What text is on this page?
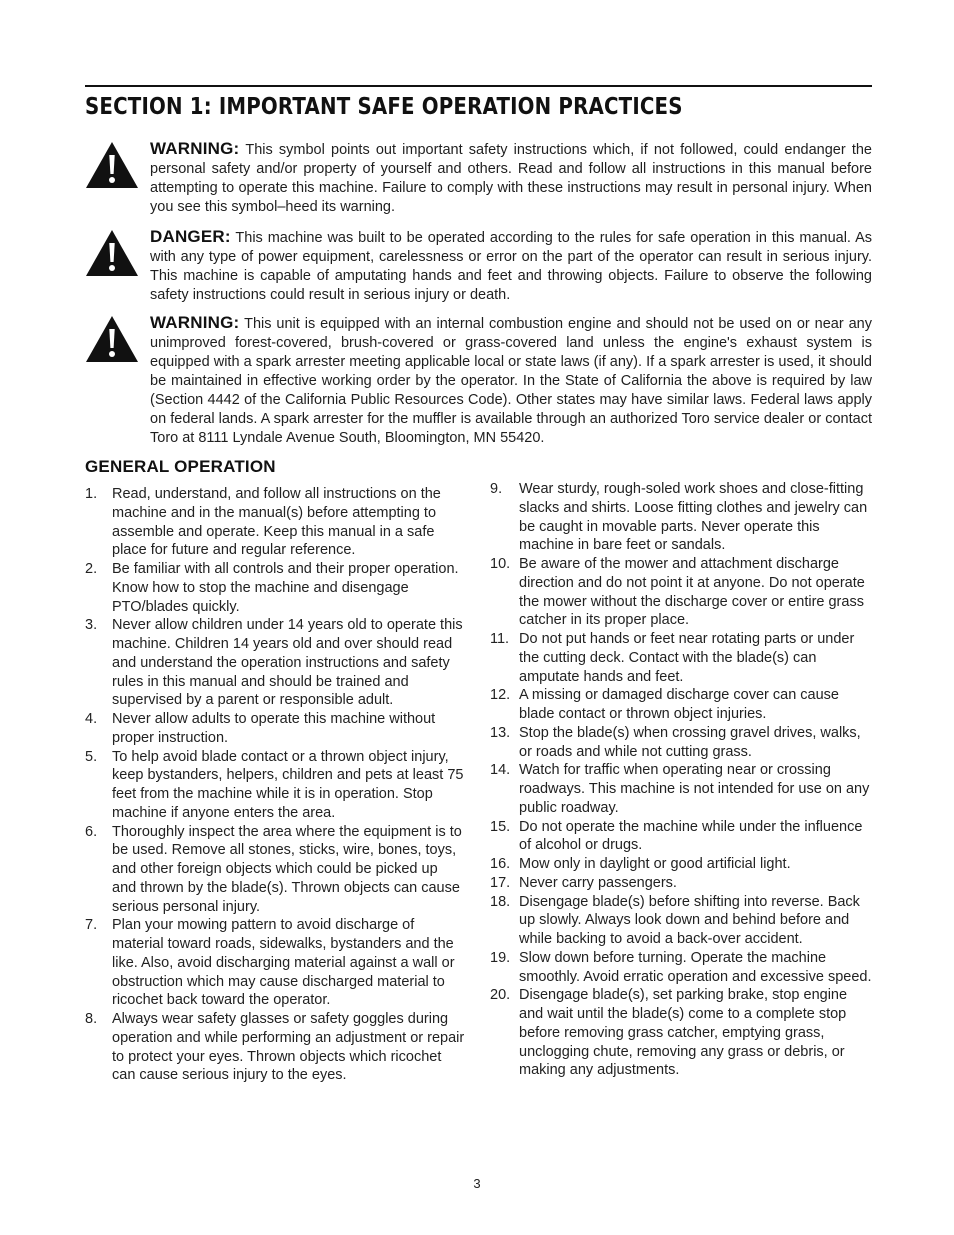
SECTION 1: IMPORTANT SAFE OPERATION PRACTICES
WARNING: This symbol points out important safety instructions which, if not followed, could endanger the personal safety and/or property of yourself and others. Read and follow all instructions in this manual before attempting to operate this machine. Failure to comply with these instructions may result in personal injury. When you see this symbol–heed its warning.
DANGER: This machine was built to be operated according to the rules for safe operation in this manual. As with any type of power equipment, carelessness or error on the part of the operator can result in serious injury. This machine is capable of amputating hands and feet and throwing objects. Failure to observe the following safety instructions could result in serious injury or death.
WARNING: This unit is equipped with an internal combustion engine and should not be used on or near any unimproved forest-covered, brush-covered or grass-covered land unless the engine's exhaust system is equipped with a spark arrester meeting applicable local or state laws (if any). If a spark arrester is used, it should be maintained in effective working order by the operator. In the State of California the above is required by law (Section 4442 of the California Public Resources Code). Other states may have similar laws. Federal laws apply on federal lands. A spark arrester for the muffler is available through an authorized Toro service dealer or contact Toro at 8111 Lyndale Avenue South, Bloomington, MN 55420.
GENERAL OPERATION
1. Read, understand, and follow all instructions on the machine and in the manual(s) before attempting to assemble and operate. Keep this manual in a safe place for future and regular reference.
2. Be familiar with all controls and their proper operation. Know how to stop the machine and disengage PTO/blades quickly.
3. Never allow children under 14 years old to operate this machine. Children 14 years old and over should read and understand the operation instructions and safety rules in this manual and should be trained and supervised by a parent or responsible adult.
4. Never allow adults to operate this machine without proper instruction.
5. To help avoid blade contact or a thrown object injury, keep bystanders, helpers, children and pets at least 75 feet from the machine while it is in operation. Stop machine if anyone enters the area.
6. Thoroughly inspect the area where the equipment is to be used. Remove all stones, sticks, wire, bones, toys, and other foreign objects which could be picked up and thrown by the blade(s). Thrown objects can cause serious personal injury.
7. Plan your mowing pattern to avoid discharge of material toward roads, sidewalks, bystanders and the like. Also, avoid discharging material against a wall or obstruction which may cause discharged material to ricochet back toward the operator.
8. Always wear safety glasses or safety goggles during operation and while performing an adjustment or repair to protect your eyes. Thrown objects which ricochet can cause serious injury to the eyes.
9. Wear sturdy, rough-soled work shoes and close-fitting slacks and shirts. Loose fitting clothes and jewelry can be caught in movable parts. Never operate this machine in bare feet or sandals.
10. Be aware of the mower and attachment discharge direction and do not point it at anyone. Do not operate the mower without the discharge cover or entire grass catcher in its proper place.
11. Do not put hands or feet near rotating parts or under the cutting deck. Contact with the blade(s) can amputate hands and feet.
12. A missing or damaged discharge cover can cause blade contact or thrown object injuries.
13. Stop the blade(s) when crossing gravel drives, walks, or roads and while not cutting grass.
14. Watch for traffic when operating near or crossing roadways. This machine is not intended for use on any public roadway.
15. Do not operate the machine while under the influence of alcohol or drugs.
16. Mow only in daylight or good artificial light.
17. Never carry passengers.
18. Disengage blade(s) before shifting into reverse. Back up slowly. Always look down and behind before and while backing to avoid a back-over accident.
19. Slow down before turning. Operate the machine smoothly. Avoid erratic operation and excessive speed.
20. Disengage blade(s), set parking brake, stop engine and wait until the blade(s) come to a complete stop before removing grass catcher, emptying grass, unclogging chute, removing any grass or debris, or making any adjustments.
3
